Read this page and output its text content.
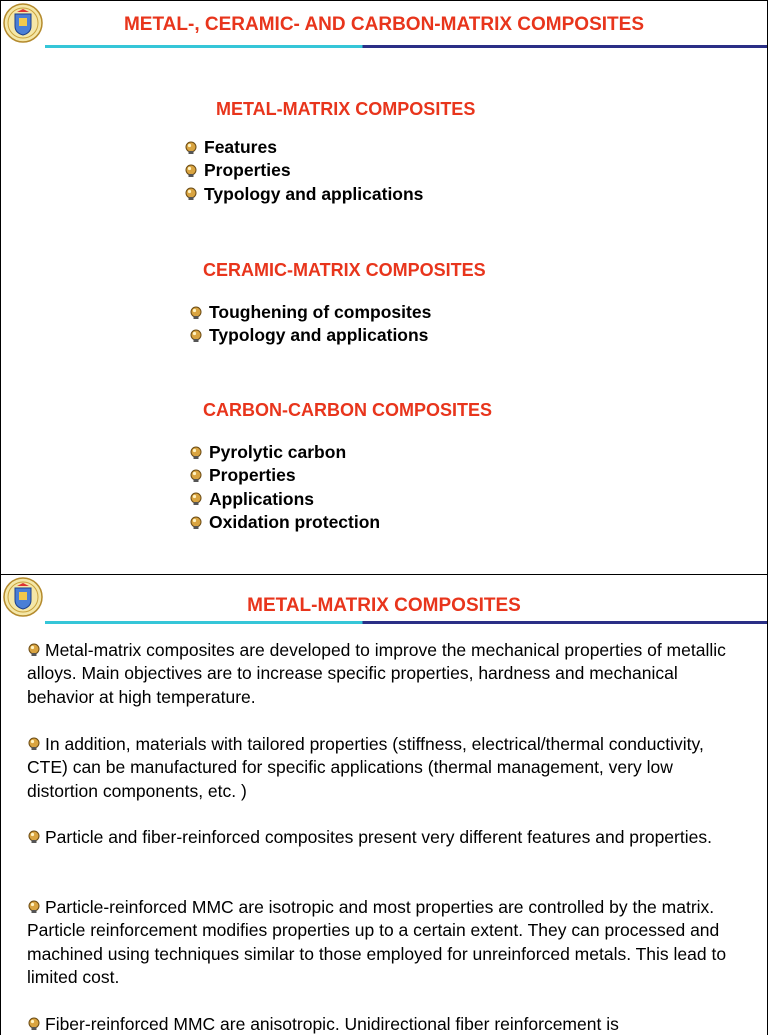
METAL-, CERAMIC- AND CARBON-MATRIX COMPOSITES
METAL-MATRIX COMPOSITES
Features
Properties
Typology and applications
CERAMIC-MATRIX COMPOSITES
Toughening of composites
Typology and applications
CARBON-CARBON COMPOSITES
Pyrolytic carbon
Properties
Applications
Oxidation protection
METAL-MATRIX COMPOSITES

Metal-matrix composites are developed to improve the mechanical properties of metallic alloys. Main objectives are to increase specific properties, hardness and mechanical behavior at high temperature.

In addition, materials with tailored properties (stiffness, electrical/thermal conductivity, CTE) can be manufactured for specific applications (thermal management, very low distortion components, etc. )

Particle and fiber-reinforced composites present very different features and properties.

Particle-reinforced MMC are isotropic and most properties are controlled by the matrix. Particle reinforcement modifies properties up to a certain extent. They can processed and machined using techniques similar to those employed for unreinforced metals. This lead to limited cost.

Fiber-reinforced MMC are anisotropic. Unidirectional fiber reinforcement is
